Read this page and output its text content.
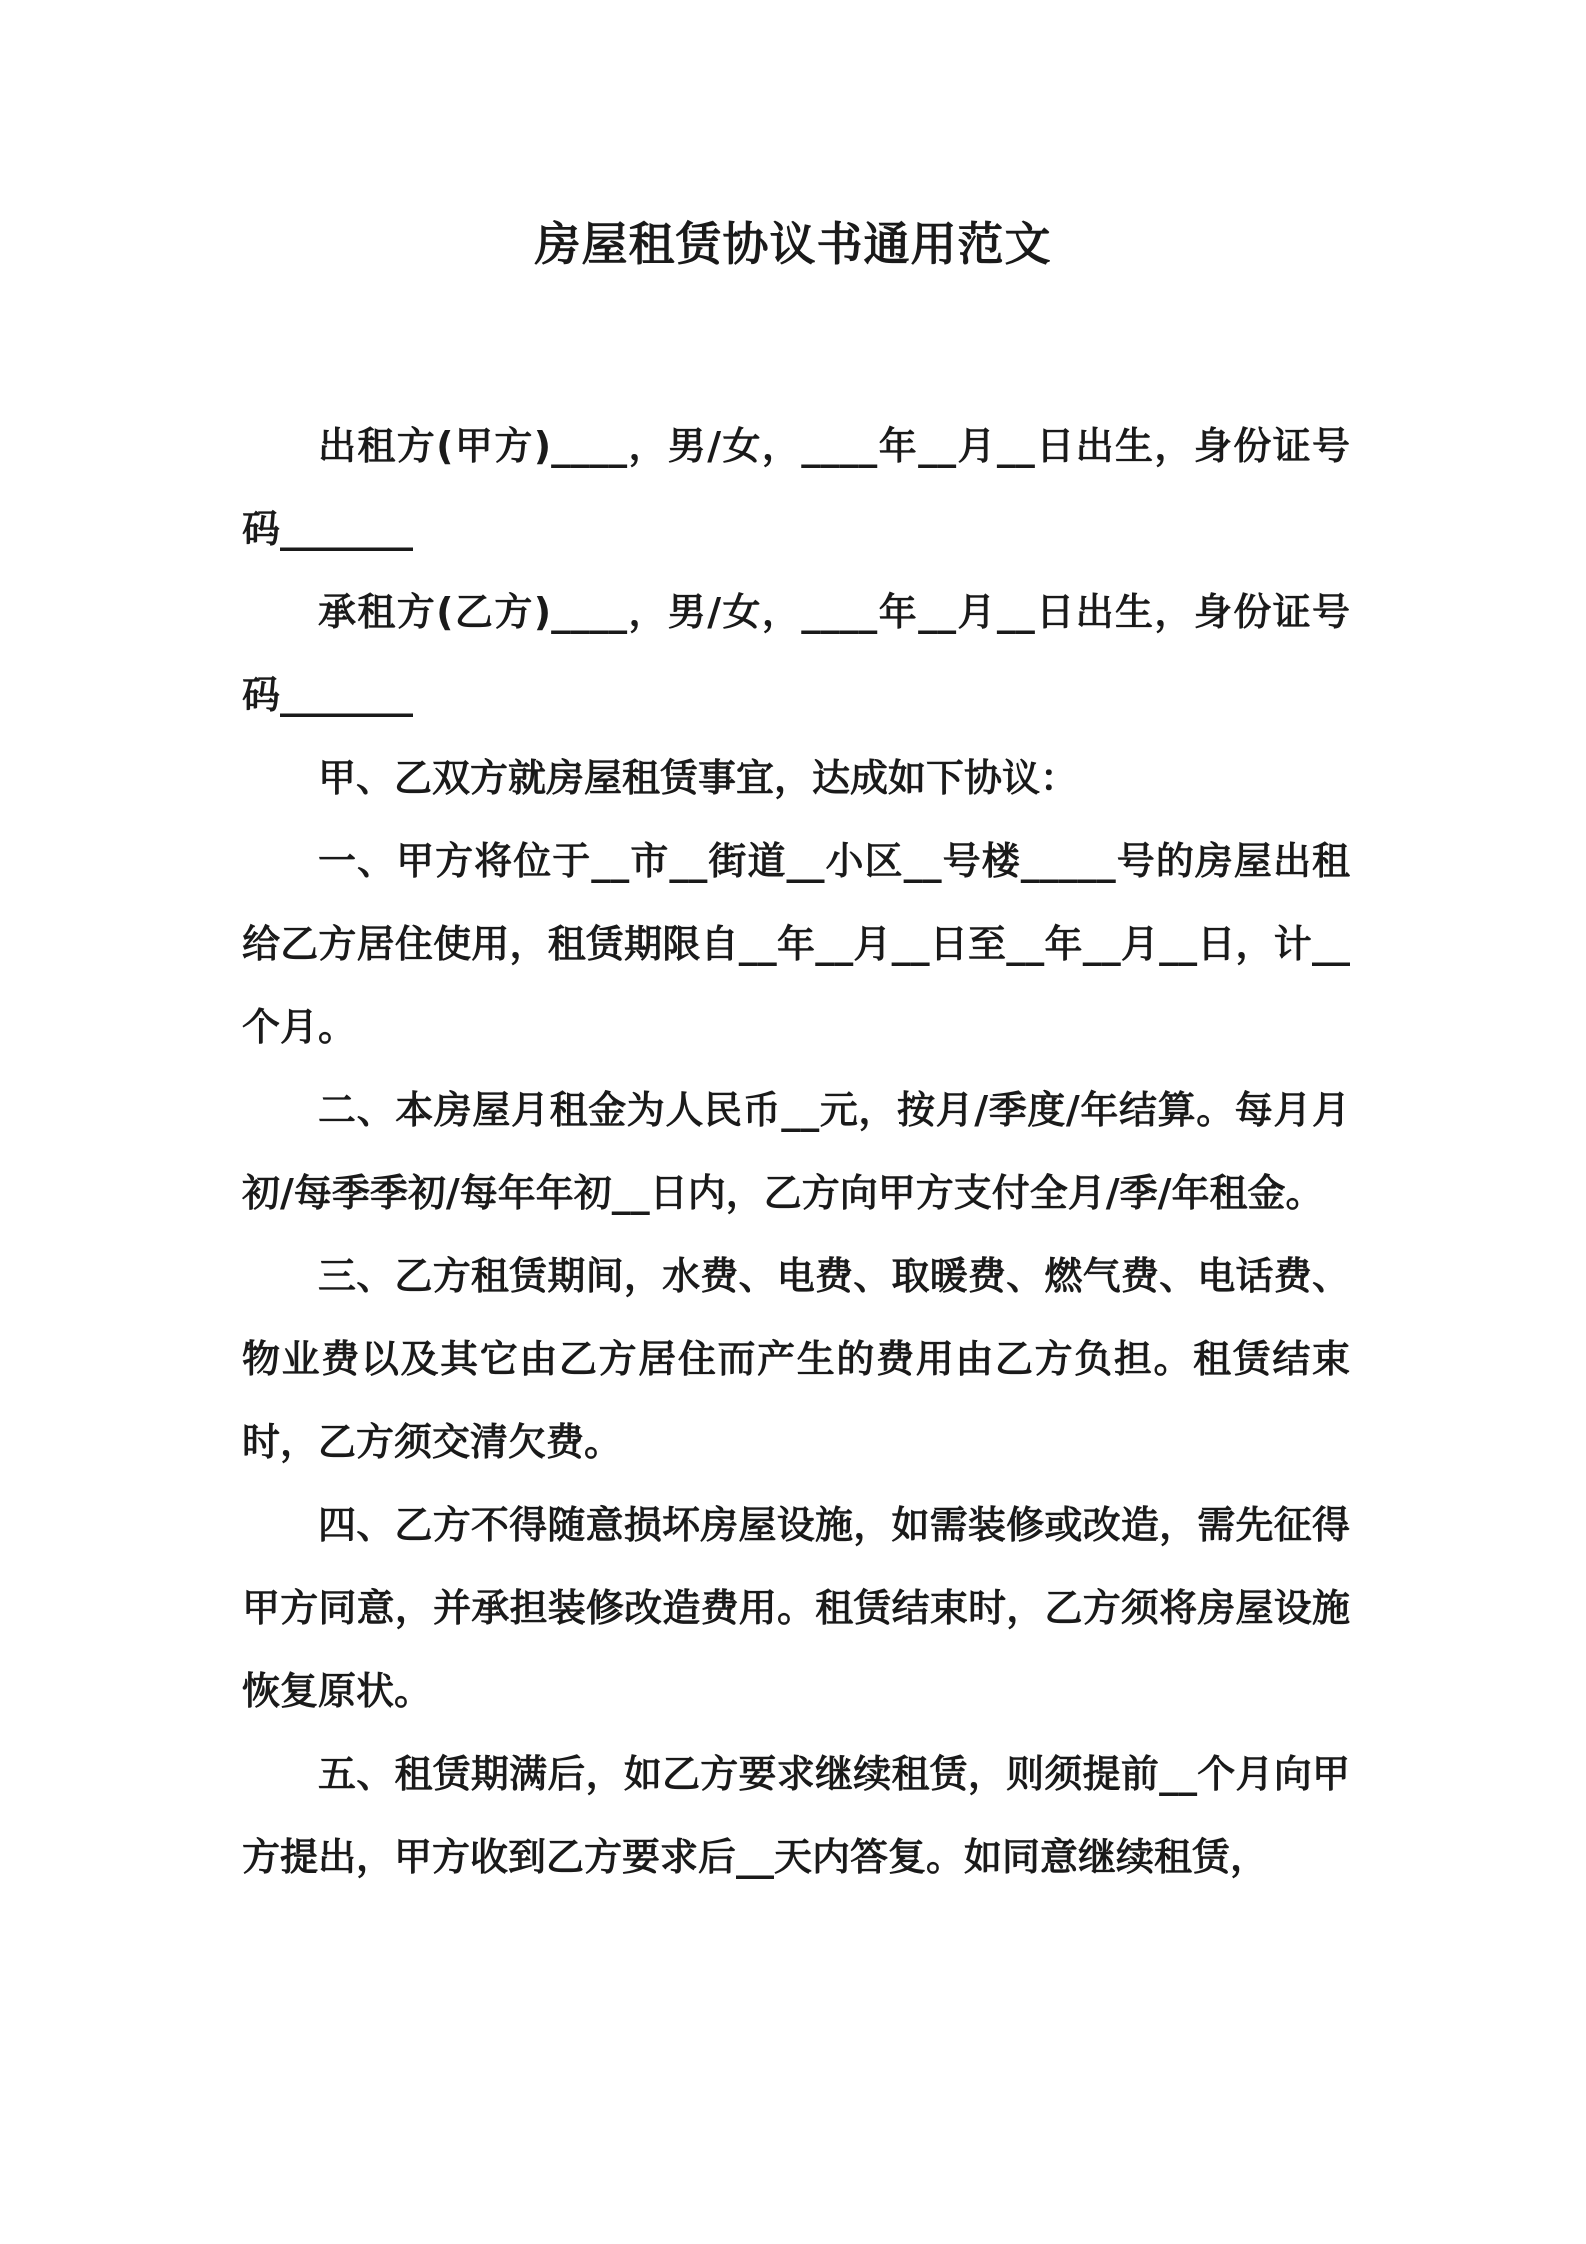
房屋租赁协议书通用范文

出租方(甲方)____，男/女，____年__月__日出生，身份证号码_______

承租方(乙方)____，男/女，____年__月__日出生，身份证号码_______

甲、乙双方就房屋租赁事宜，达成如下协议：

一、甲方将位于__市__街道__小区__号楼_____号的房屋出租给乙方居住使用，租赁期限自__年__月__日至__年__月__日，计__个月。

二、本房屋月租金为人民币__元，按月/季度/年结算。每月月初/每季季初/每年年初__日内，乙方向甲方支付全月/季/年租金。

三、乙方租赁期间，水费、电费、取暖费、燃气费、电话费、物业费以及其它由乙方居住而产生的费用由乙方负担。租赁结束时，乙方须交清欠费。

四、乙方不得随意损坏房屋设施，如需装修或改造，需先征得甲方同意，并承担装修改造费用。租赁结束时，乙方须将房屋设施恢复原状。

五、租赁期满后，如乙方要求继续租赁，则须提前__个月向甲方提出，甲方收到乙方要求后__天内答复。如同意继续租赁，
